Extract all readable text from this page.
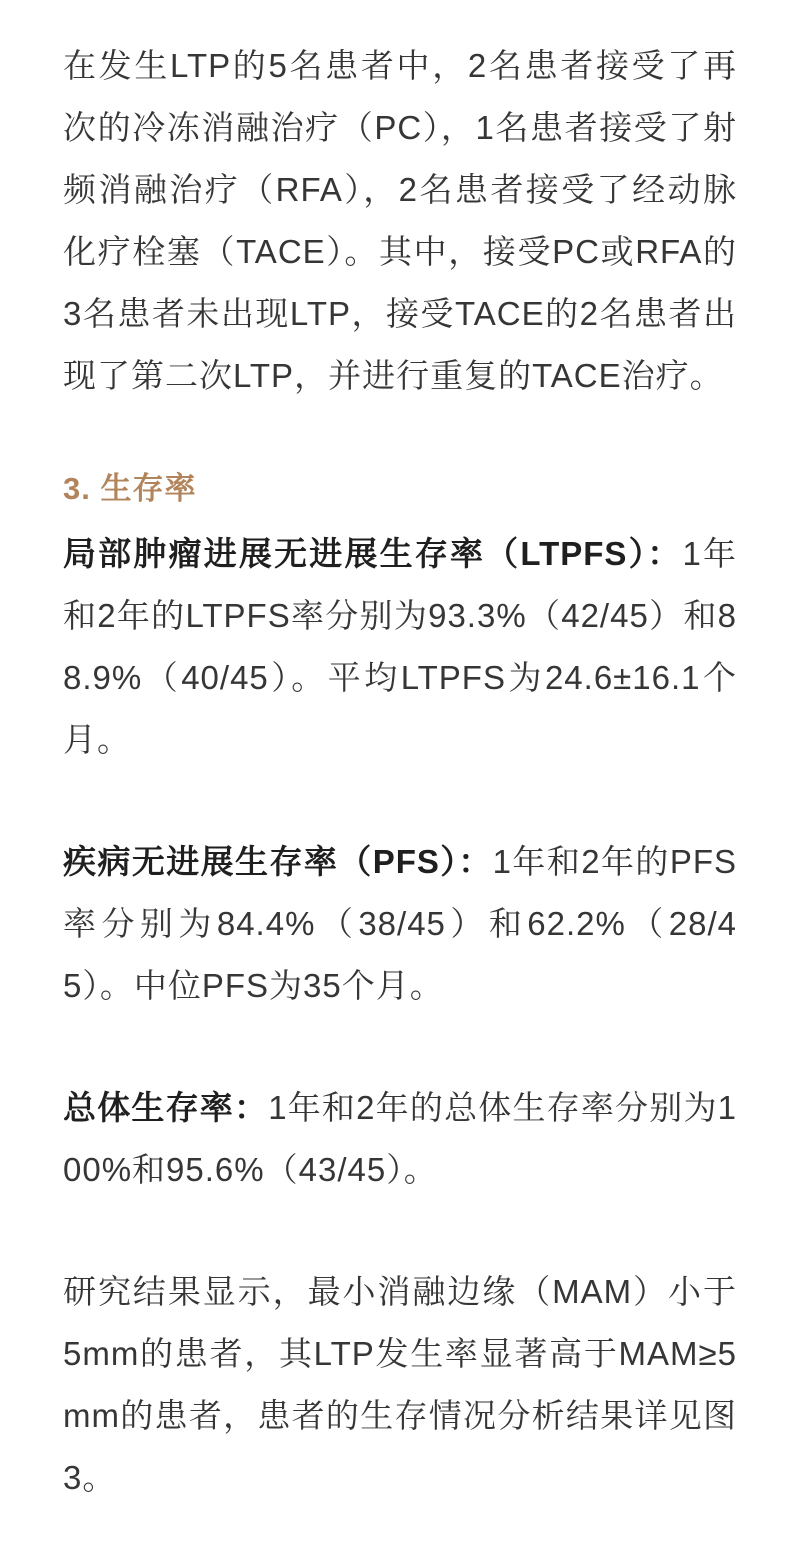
在发生LTP的5名患者中，2名患者接受了再次的冷冻消融治疗（PC），1名患者接受了射频消融治疗（RFA），2名患者接受了经动脉化疗栓塞（TACE）。其中，接受PC或RFA的3名患者未出现LTP，接受TACE的2名患者出现了第二次LTP，并进行重复的TACE治疗。

3. 生存率

局部肿瘤进展无进展生存率（LTPFS）：1年和2年的LTPFS率分别为93.3%（42/45）和88.9%（40/45）。平均LTPFS为24.6±16.1个月。

疾病无进展生存率（PFS）：1年和2年的PFS率分别为84.4%（38/45）和62.2%（28/45）。中位PFS为35个月。

总体生存率：1年和2年的总体生存率分别为100%和95.6%（43/45）。

研究结果显示，最小消融边缘（MAM）小于5mm的患者，其LTP发生率显著高于MAM≥5mm的患者，患者的生存情况分析结果详见图3。
